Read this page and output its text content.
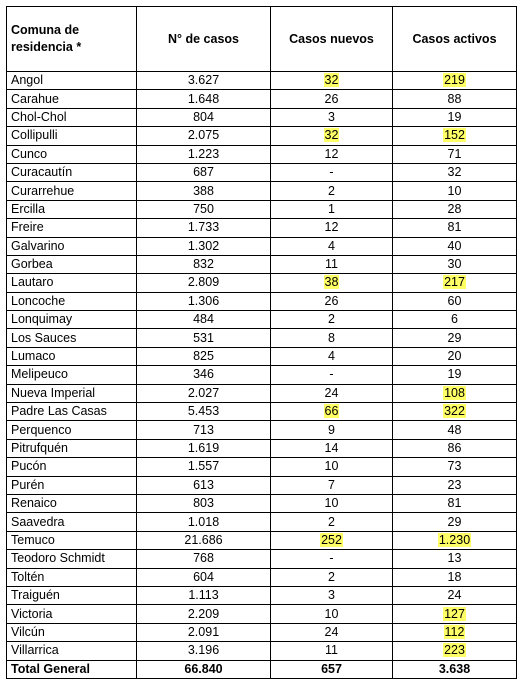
Comuna de residencia *	N° de casos	Casos nuevos	Casos activos
Angol	3.627	32	219
Carahue	1.648	26	88
Chol-Chol	804	3	19
Collipulli	2.075	32	152
Cunco	1.223	12	71
Curacautín	687	-	32
Curarrehue	388	2	10
Ercilla	750	1	28
Freire	1.733	12	81
Galvarino	1.302	4	40
Gorbea	832	11	30
Lautaro	2.809	38	217
Loncoche	1.306	26	60
Lonquimay	484	2	6
Los Sauces	531	8	29
Lumaco	825	4	20
Melipeuco	346	-	19
Nueva Imperial	2.027	24	108
Padre Las Casas	5.453	66	322
Perquenco	713	9	48
Pitrufquén	1.619	14	86
Pucón	1.557	10	73
Purén	613	7	23
Renaico	803	10	81
Saavedra	1.018	2	29
Temuco	21.686	252	1.230
Teodoro Schmidt	768	-	13
Toltén	604	2	18
Traiguén	1.113	3	24
Victoria	2.209	10	127
Vilcún	2.091	24	112
Villarrica	3.196	11	223
Total General	66.840	657	3.638
